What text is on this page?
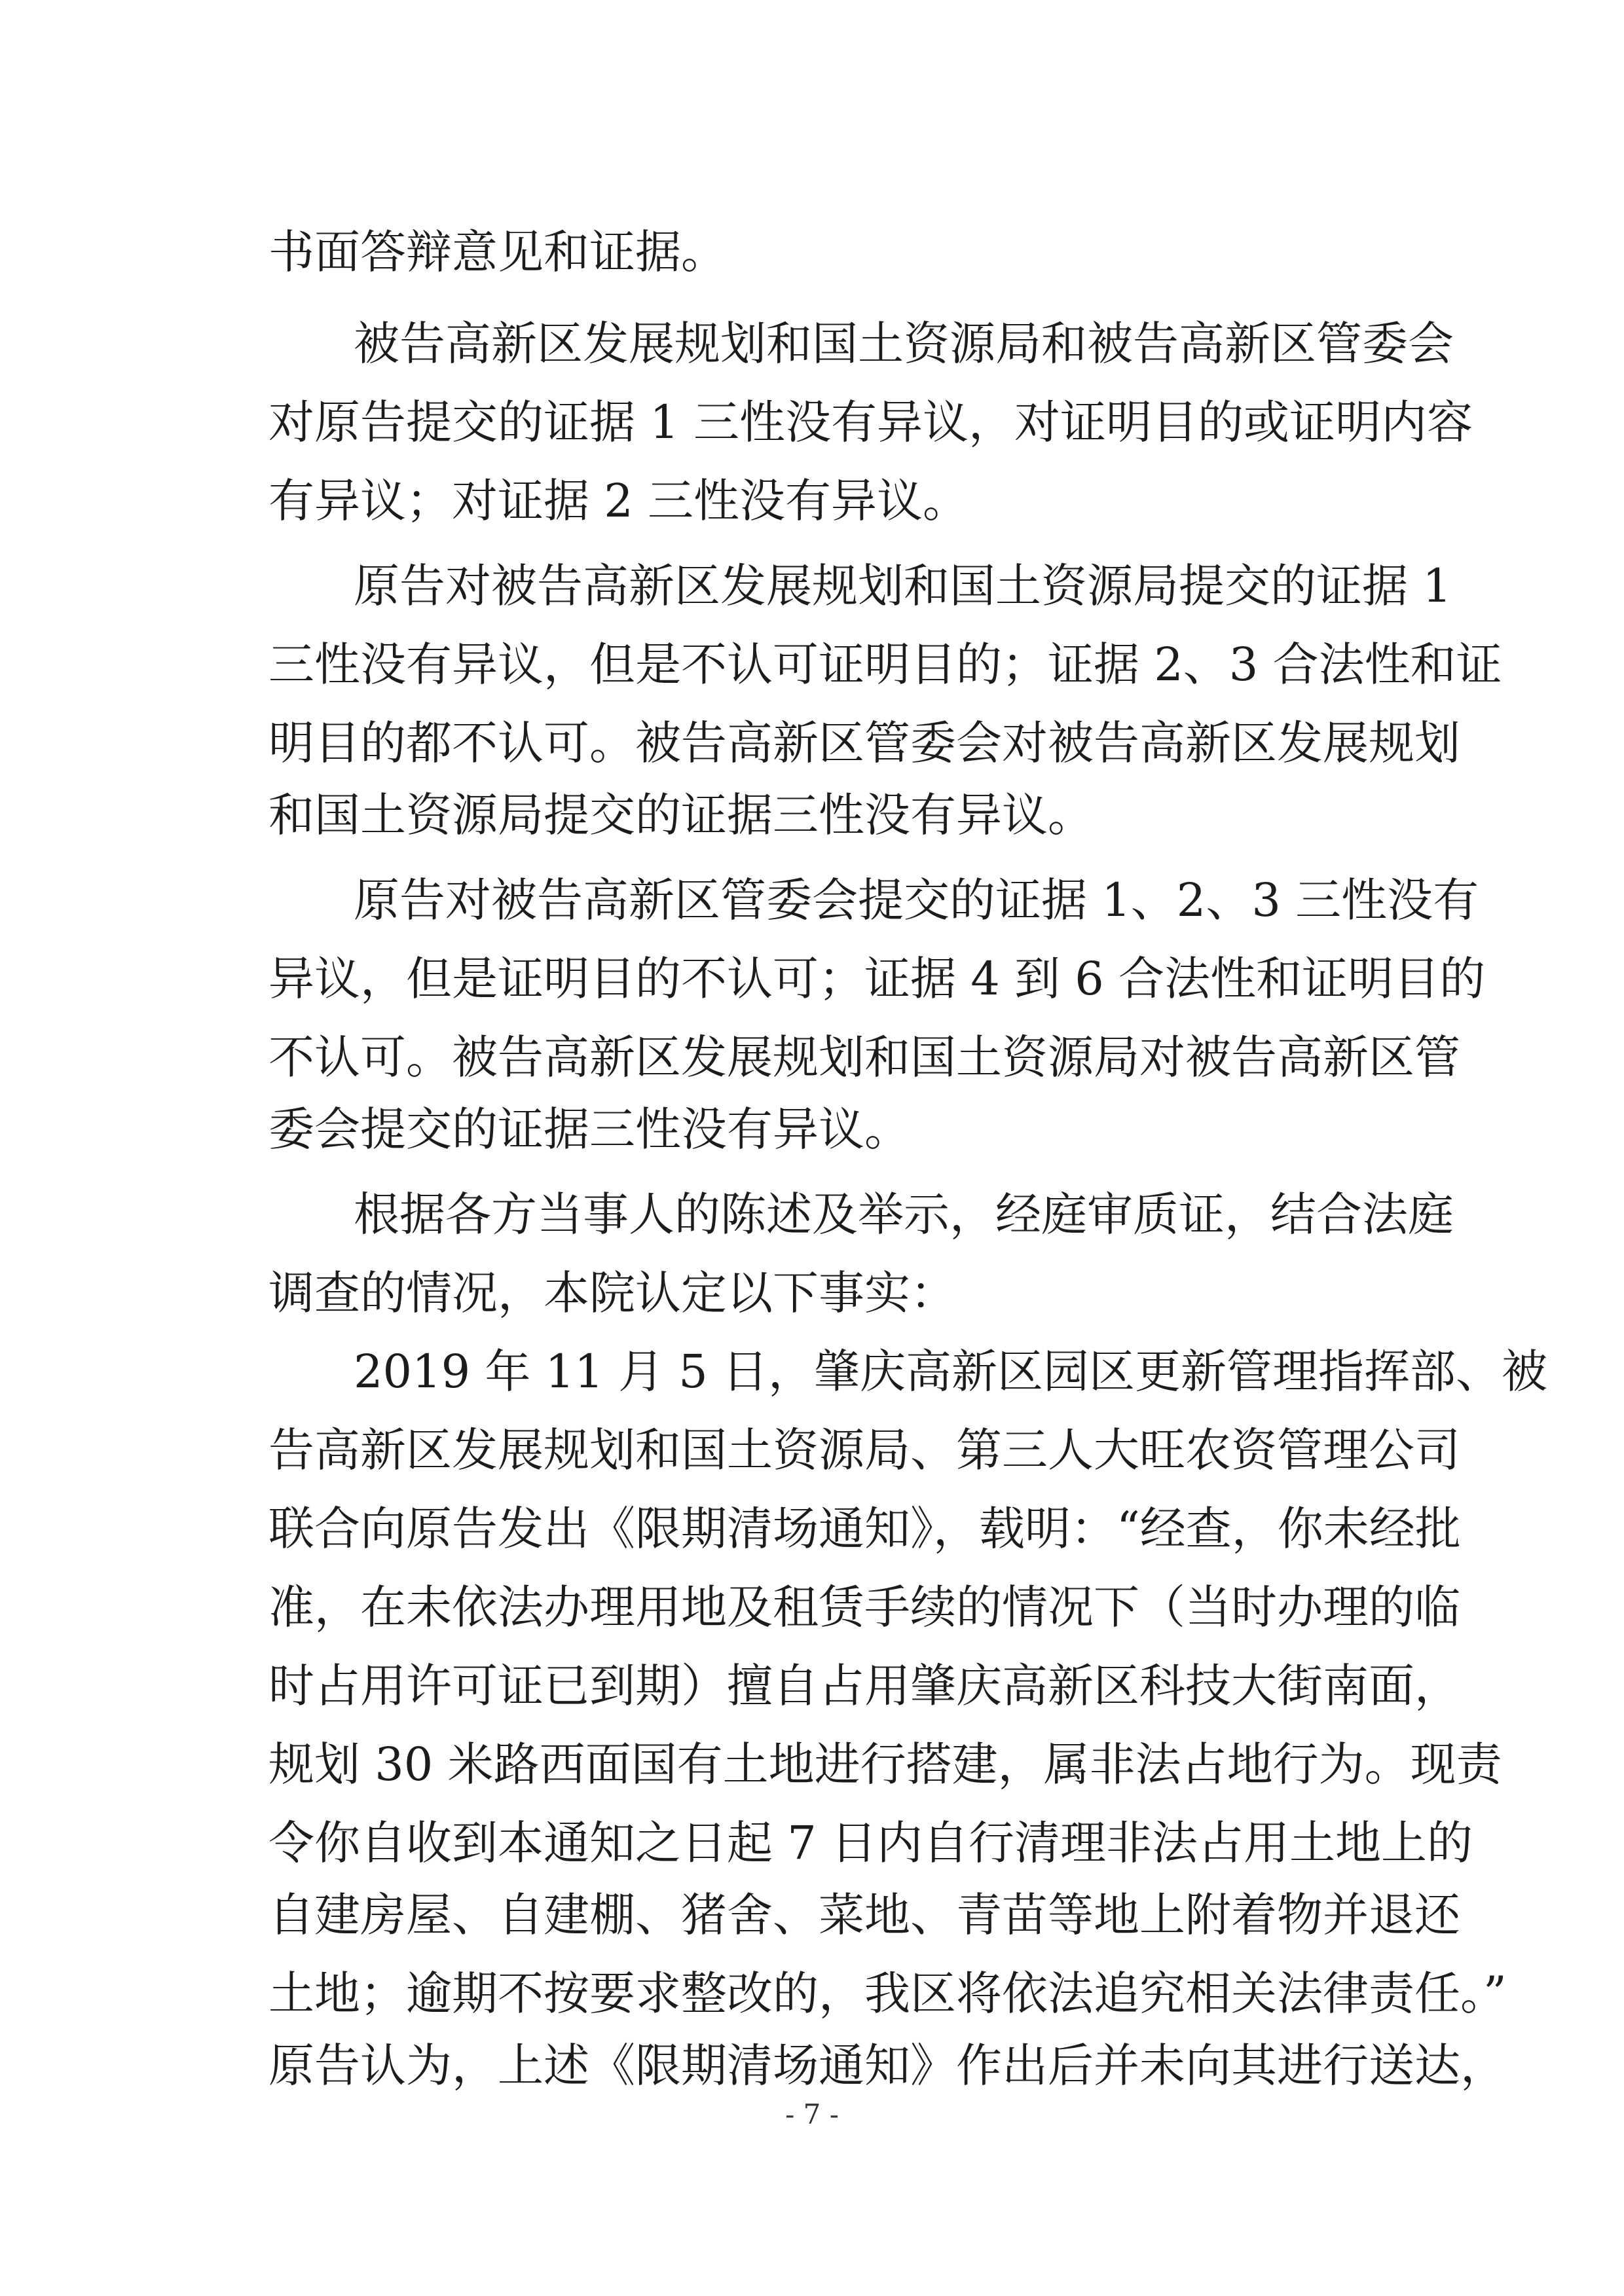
书面答辩意见和证据。
被告高新区发展规划和国土资源局和被告高新区管委会
对原告提交的证据 1 三性没有异议，对证明目的或证明内容
有异议；对证据 2 三性没有异议。
原告对被告高新区发展规划和国土资源局提交的证据 1
三性没有异议，但是不认可证明目的；证据 2、3 合法性和证
明目的都不认可。被告高新区管委会对被告高新区发展规划
和国土资源局提交的证据三性没有异议。
原告对被告高新区管委会提交的证据 1、2、3 三性没有
异议，但是证明目的不认可；证据 4 到 6 合法性和证明目的
不认可。被告高新区发展规划和国土资源局对被告高新区管
委会提交的证据三性没有异议。
根据各方当事人的陈述及举示，经庭审质证，结合法庭
调查的情况，本院认定以下事实：
2019 年 11 月 5 日，肇庆高新区园区更新管理指挥部、被
告高新区发展规划和国土资源局、第三人大旺农资管理公司
联合向原告发出《限期清场通知》，载明：“经查，你未经批
准，在未依法办理用地及租赁手续的情况下（当时办理的临
时占用许可证已到期）擅自占用肇庆高新区科技大街南面，
规划 30 米路西面国有土地进行搭建，属非法占地行为。现责
令你自收到本通知之日起 7 日内自行清理非法占用土地上的
自建房屋、自建棚、猪舍、菜地、青苗等地上附着物并退还
土地；逾期不按要求整改的，我区将依法追究相关法律责任。”
原告认为，上述《限期清场通知》作出后并未向其进行送达，
- 7 -
